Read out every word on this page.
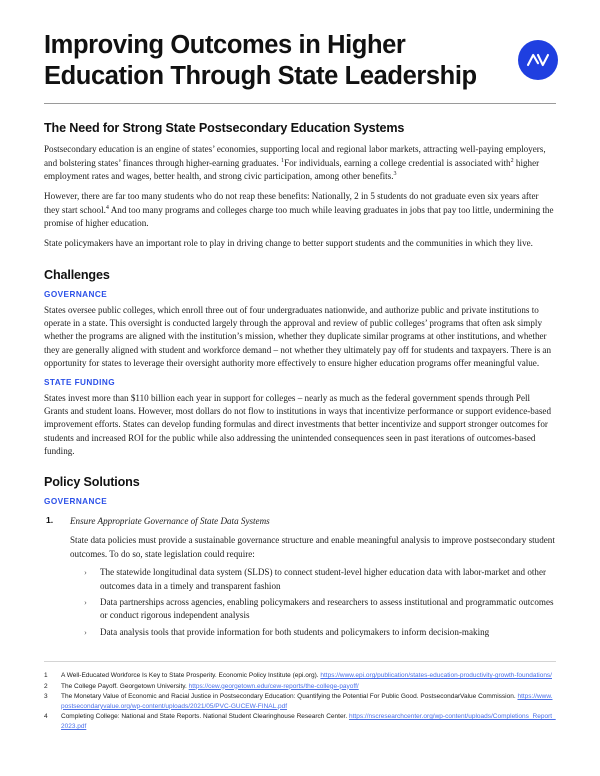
Improving Outcomes in Higher Education Through State Leadership
The Need for Strong State Postsecondary Education Systems

Postsecondary education is an engine of states’ economies, supporting local and regional labor markets, attracting well-paying employers, and bolstering states’ finances through higher-earning graduates. $^1$For individuals, earning a college credential is associated with$^2$ higher employment rates and wages, better health, and strong civic participation, among other benefits.$^3$

However, there are far too many students who do not reap these benefits: Nationally, 2 in 5 students do not graduate even six years after they start school.$^4$ And too many programs and colleges charge too much while leaving graduates in jobs that pay too little, undermining the promise of higher education.

State policymakers have an important role to play in driving change to better support students and the communities in which they live.

Challenges
GOVERNANCE

States oversee public colleges, which enroll three out of four undergraduates nationwide, and authorize public and private institutions to operate in a state. This oversight is conducted largely through the approval and review of public colleges’ programs that often ask simply whether the programs are aligned with the institution’s mission, whether they duplicate similar programs at other institutions, and whether they are generally aligned with student and workforce demand – not whether they ultimately pay off for students and taxpayers. There is an opportunity for states to leverage their oversight authority more effectively to ensure higher education programs offer meaningful value.

STATE FUNDING

States invest more than $110 billion each year in support for colleges – nearly as much as the federal government spends through Pell Grants and student loans. However, most dollars do not flow to institutions in ways that incentivize performance or support evidence-based improvement efforts. States can develop funding formulas and direct investments that better incentivize and support stronger outcomes for students and increased ROI for the public while also addressing the unintended consequences seen in past iterations of outcomes-based funding.

Policy Solutions
GOVERNANCE
1. Ensure Appropriate Governance of State Data Systems

State data policies must provide a sustainable governance structure and enable meaningful analysis to improve postsecondary student outcomes. To do so, state legislation could require:

› The statewide longitudinal data system (SLDS) to connect student-level higher education data with labor-market and other outcomes data in a timely and transparent fashion
› Data partnerships across agencies, enabling policymakers and researchers to assess institutional and programmatic outcomes or conduct rigorous independent analysis
› Data analysis tools that provide information for both students and policymakers to inform decision-making
1 A Well-Educated Workforce Is Key to State Prosperity. Economic Policy Institute (epi.org). https://www.epi.org/publication/states-education-productivity-growth-foundations/
2 The College Payoff. Georgetown University. https://cew.georgetown.edu/cew-reports/the-college-payoff/
3 The Monetary Value of Economic and Racial Justice in Postsecondary Education: Quantifying the Potential For Public Good. PostsecondarValue Commission. https://www.postsecondaryvalue.org/wp-content/uploads/2021/05/PVC-GUCEW-FINAL.pdf
4 Completing College: National and State Reports. National Student Clearinghouse Research Center. https://nscresearchcenter.org/wp-content/uploads/Completions_Report_2023.pdf
